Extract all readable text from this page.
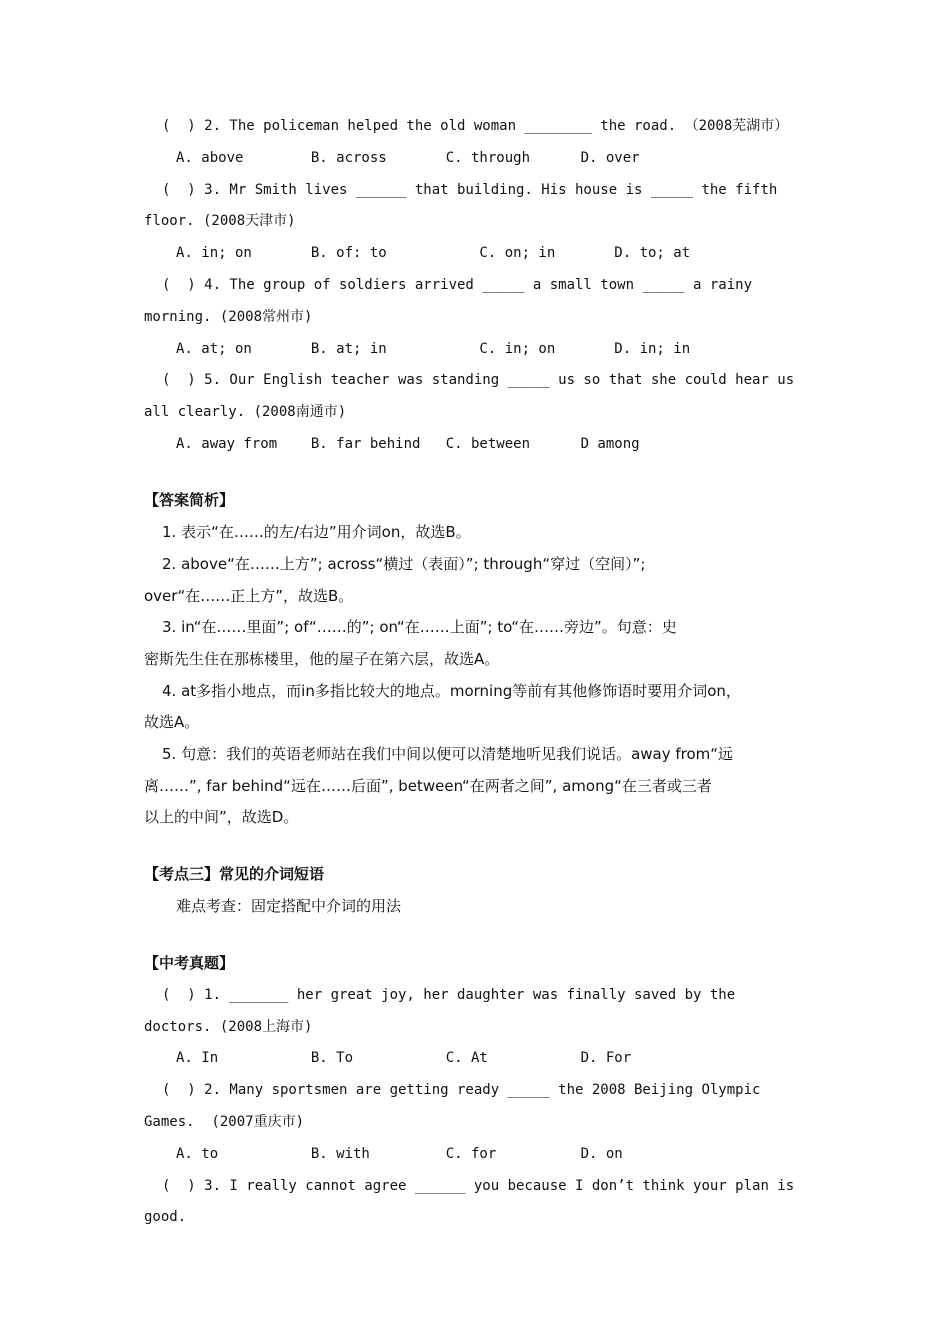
(  ) 2. The policeman helped the old woman ________ the road. （2008芜湖市）
A. above        B. across       C. through      D. over
(  ) 3. Mr Smith lives ______ that building. His house is _____ the fifth
floor. (2008天津市)
A. in; on       B. of: to           C. on; in       D. to; at
(  ) 4. The group of soldiers arrived _____ a small town _____ a rainy
morning. (2008常州市)
A. at; on       B. at; in           C. in; on       D. in; in
(  ) 5. Our English teacher was standing _____ us so that she could hear us
all clearly. (2008南通市)
A. away from    B. far behind   C. between      D among
【答案简析】
1. 表示“在……的左/右边”用介词on，故选B。
2. above“在……上方”; across“横过（表面）”; through“穿过（空间）”;
over“在……正上方”，故选B。
3. in“在……里面”; of“……的”; on“在……上面”; to“在……旁边”。句意：史
密斯先生住在那栋楼里，他的屋子在第六层，故选A。
4. at多指小地点，而in多指比较大的地点。morning等前有其他修饰语时要用介词on，
故选A。
5. 句意：我们的英语老师站在我们中间以便可以清楚地听见我们说话。away from“远
离……”, far behind“远在……后面”, between“在两者之间”, among“在三者或三者
以上的中间”，故选D。
【考点三】常见的介词短语
难点考查：固定搭配中介词的用法
【中考真题】
(  ) 1. _______ her great joy, her daughter was finally saved by the
doctors. (2008上海市)
A. In           B. To           C. At           D. For
(  ) 2. Many sportsmen are getting ready _____ the 2008 Beijing Olympic
Games.  (2007重庆市)
A. to           B. with         C. for          D. on
(  ) 3. I really cannot agree ______ you because I don’t think your plan is
good.
